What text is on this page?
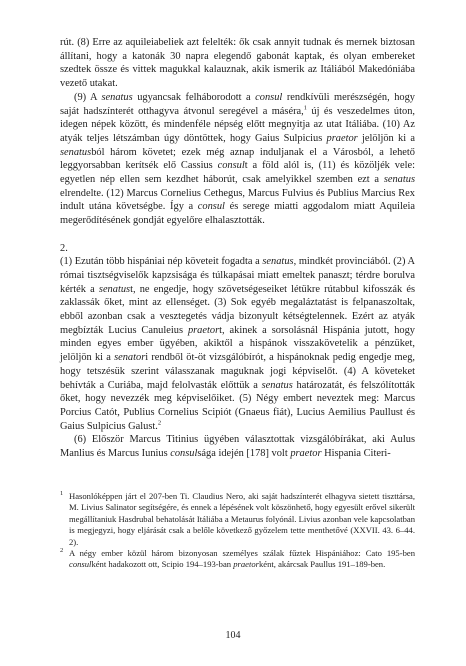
rút. (8) Erre az aquileiabeliek azt felelték: ők csak annyit tudnak és mernek biztosan állítani, hogy a katonák 30 napra elegendő gabonát kaptak, és olyan embereket szedtek össze és vittek magukkal kalauznak, akik ismerik az Itáliából Makedóniába vezető utakat.

(9) A senatus ugyancsak felháborodott a consul rendkívüli merészségén, hogy saját hadszínterét otthagyva átvonul seregével a máséra,$^1$ új és veszedelmes úton, idegen népek között, és mindenféle népség előtt megnyitja az utat Itáliába. (10) Az atyák teljes létszámban úgy döntöttek, hogy Gaius Sulpicius praetor jelöljön ki a senatusból három követet; ezek még aznap induljanak el a Városból, a lehető leggyorsabban kerítsék elő Cassius consult a föld alól is, (11) és közöljék vele: egyetlen nép ellen sem kezdhet háborút, csak amelyikkel szemben ezt a senatus elrendelte. (12) Marcus Cornelius Cethegus, Marcus Fulvius és Publius Marcius Rex indult utána követségbe. Így a consul és serege miatti aggodalom miatt Aquileia megerődítésének gondját egyelőre elhalasztották.

2.

(1) Ezután több hispániai nép követeit fogadta a senatus, mindkét provinciából. (2) A római tisztségviselők kapzsisága és túlkapásai miatt emeltek panaszt; térdre borulva kérték a senatust, ne engedje, hogy szövetségeseiket létükre rútabbul kifosszák és zaklassák őket, mint az ellenséget. (3) Sok egyéb megaláztatást is felpanaszoltak, ebből azonban csak a vesztegetés vádja bizonyult kétségtelennek. Ezért az atyák megbízták Lucius Canuleius praetort, akinek a sorsolásnál Hispánia jutott, hogy minden egyes ember ügyében, akiktől a hispánok visszakövetelik a pénzüket, jelöljön ki a senatori rendből öt-öt vizsgálóbírót, a hispánoknak pedig engedje meg, hogy tetszésük szerint válasszanak maguknak jogi képviselőt. (4) A követeket behívták a Curiába, majd felolvasták előttük a senatus határozatát, és felszólították őket, hogy nevezzék meg képviselőiket. (5) Négy embert neveztek meg: Marcus Porcius Catót, Publius Cornelius Scipiót (Gnaeus fiát), Lucius Aemilius Paullust és Gaius Sulpicius Galust.$^2$

(6) Először Marcus Titinius ügyében választottak vizsgálóbírákat, aki Aulus Manlius és Marcus Iunius consulsága idején [178] volt praetor Hispania Citeri-

$^1$ Hasonlóképpen járt el 207-ben Ti. Claudius Nero, aki saját hadszínterét elhagyva sietett tiszttársa, M. Livius Salinator segítségére, és ennek a lépésének volt köszönhető, hogy egyesült erővel sikerült megállítaniuk Hasdrubal behatolását Itáliába a Metaurus folyónál. Livius azonban vele kapcsolatban is megjegyzi, hogy eljárását csak a belőle következő győzelem tette menthetővé (XXVII. 43. 6–44. 2).
$^2$ A négy ember közül három bizonyosan személyes szálak fűztek Hispániához: Cato 195-ben consulként hadakozott ott, Scipio 194–193-ban praetorként, akárcsak Paullus 191–189-ben.
104
